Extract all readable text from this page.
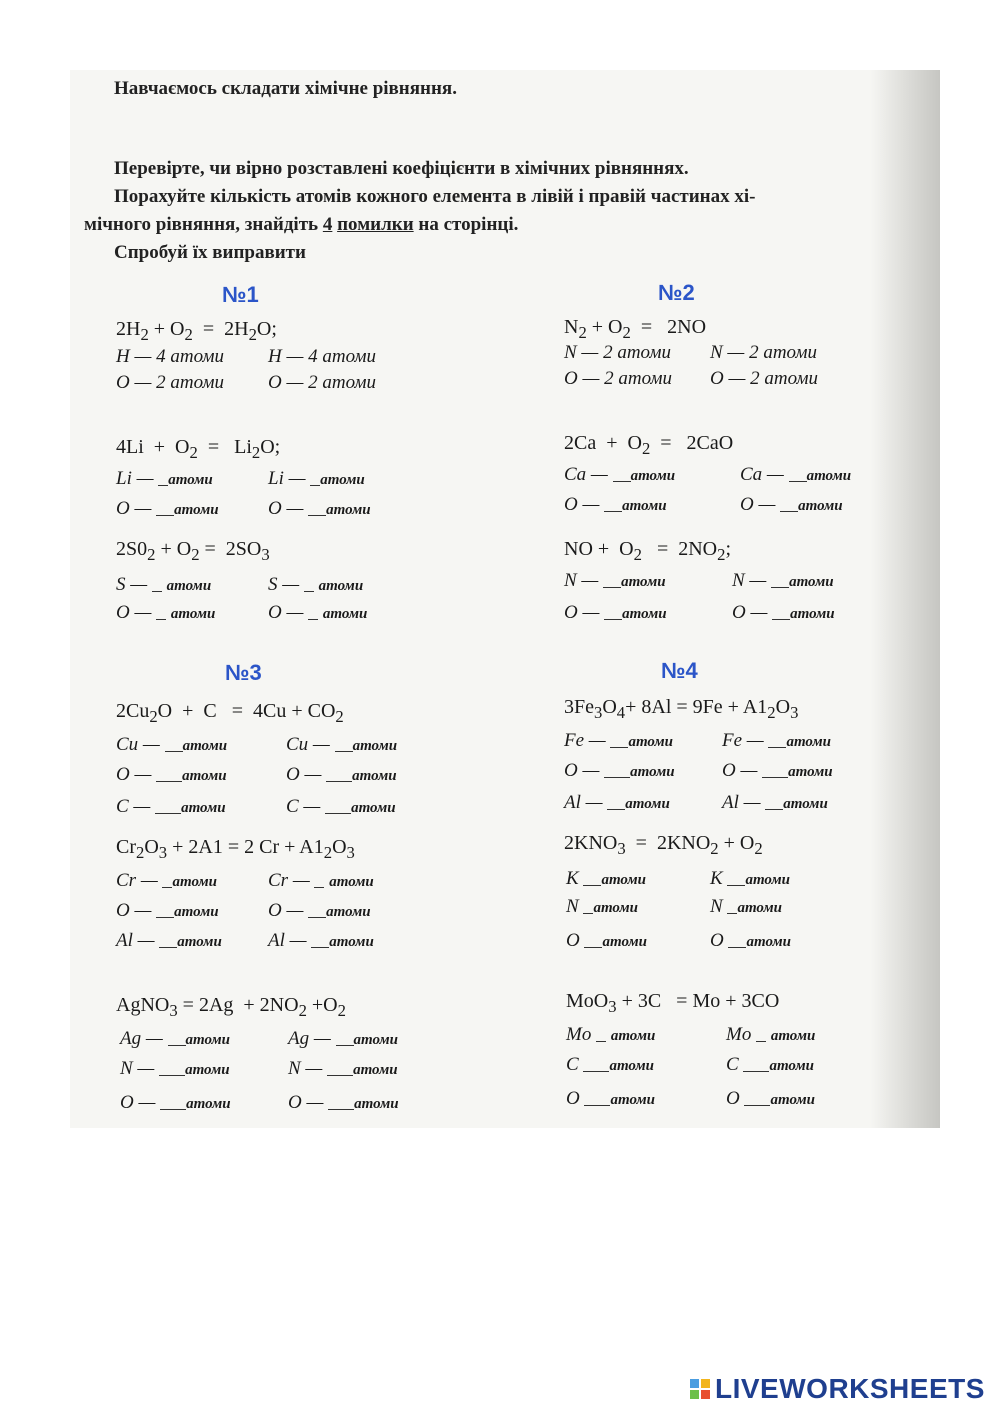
Навчаємось складати хімічне рівняння.
Перевірте, чи вірно розставлені коефіцієнти в хімічних рівняннях.
Порахуйте кількість атомів кожного елемента в лівій і правій частинах хі-
мічного рівняння, знайдіть 4 помилки на сторінці.
Спробуй їх виправити
№1	№2
№3	№4
$2H_2 + O_2 = 2H_2O$;
H — 4 атоми H — 4 атоми
O — 2 атоми O — 2 атоми
$4Li + O_2 = Li_2O$;
Li — атоми	Li — атоми
O — атоми	O — атоми
$2S0_2 + O_2 = 2SO_3$
S — атоми	S — атоми
O — атоми	O — атоми
$N_2 + O_2 = 2NO$
N — 2 атоми N — 2 атоми
O — 2 атоми O — 2 атоми
$2Ca + O_2 = 2CaO$
Ca — атоми	Ca — атоми
O — атоми	O — атоми
NO +  $O_2 = 2NO_2$;
N — атоми	N — атоми
O — атоми	O — атоми
$2Cu_2O + C = 4Cu + CO_2$
Cu — атоми	Cu — атоми
O — атоми	O — атоми
C — атоми	C — атоми
$Cr_2O_3 + 2A1 = 2$ $Cr + A1_2O_3$
Cr — атоми	Cr — атоми
O — атоми	O — атоми
Al — атоми Al — атоми
AgNO$_3$ = $2Ag + 2NO_2 +O_2$
Ag — атоми	Ag — атоми
N — атоми	N — атоми
O — атоми	O — атоми
$3Fe_3O_4+ 8Al = 9Fe + A1_2O_3$
Fe — атоми	Fe — атоми
O — атоми O — атоми
Al — атоми	Al — атоми
$2KNO_3 = 2KNO_2 + O_2$
K атоми	K атоми
N атоми	N атоми
O атоми	O атоми
MoO$_3$ + 3C   = Mo + 3CO
Mo атоми	Mo атоми
C атоми	C атоми
O атоми	O атоми
LIVEWORKSHEETS
